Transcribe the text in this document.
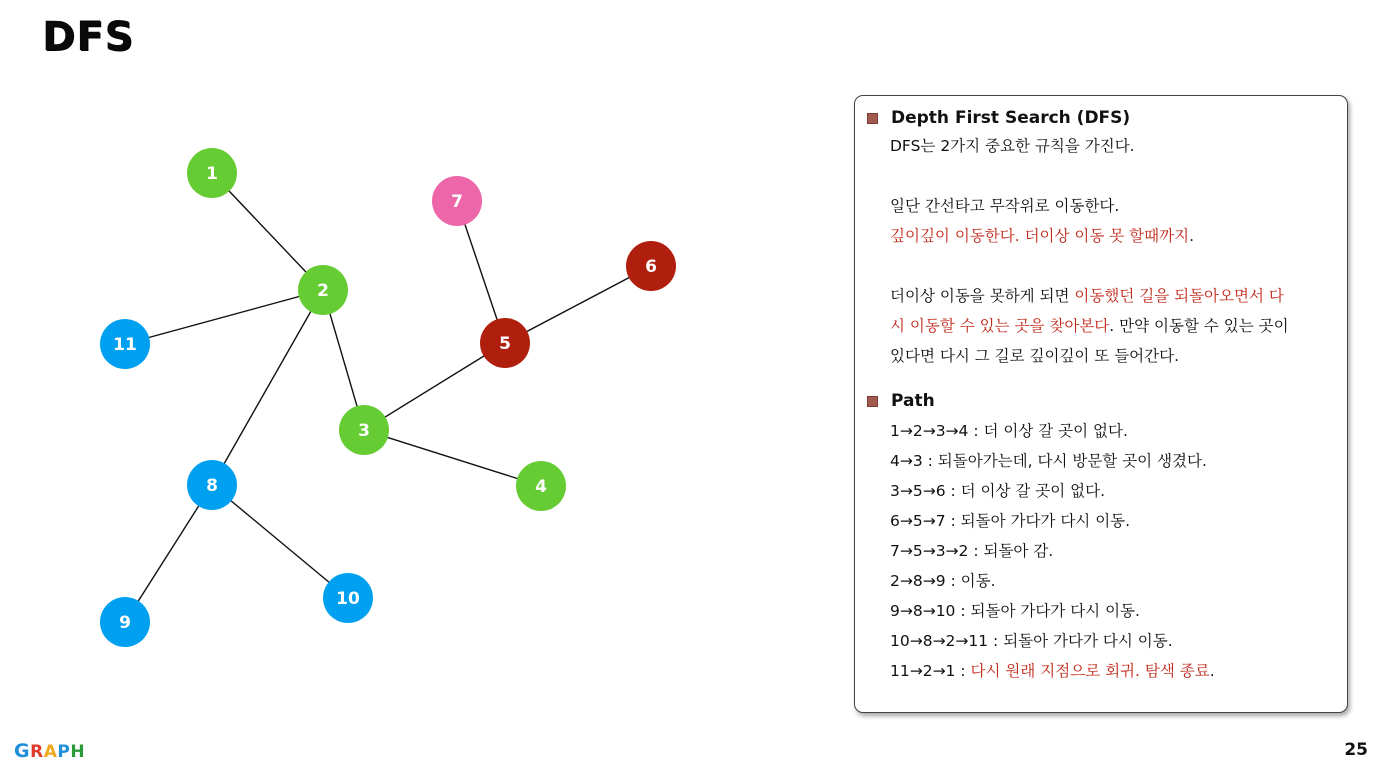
DFS
1
2
3
4
5
6
7
8
9
10
11
Depth First Search (DFS)
DFS는 2가지 중요한 규칙을 가진다.
일단 간선타고 무작위로 이동한다.
깊이깊이 이동한다. 더이상 이동 못 할때까지.
더이상 이동을 못하게 되면 이동했던 길을 되돌아오면서 다
시 이동할 수 있는 곳을 찾아본다. 만약 이동할 수 있는 곳이
있다면 다시 그 길로 깊이깊이 또 들어간다.
Path
1→2→3→4 : 더 이상 갈 곳이 없다.
4→3 : 되돌아가는데, 다시 방문할 곳이 생겼다.
3→5→6 : 더 이상 갈 곳이 없다.
6→5→7 : 되돌아 가다가 다시 이동.
7→5→3→2 : 되돌아 감.
2→8→9 : 이동.
9→8→10 : 되돌아 가다가 다시 이동.
10→8→2→11 : 되돌아 가다가 다시 이동.
11→2→1 : 다시 원래 지점으로 회귀. 탐색 종료.
GRAPH	25
